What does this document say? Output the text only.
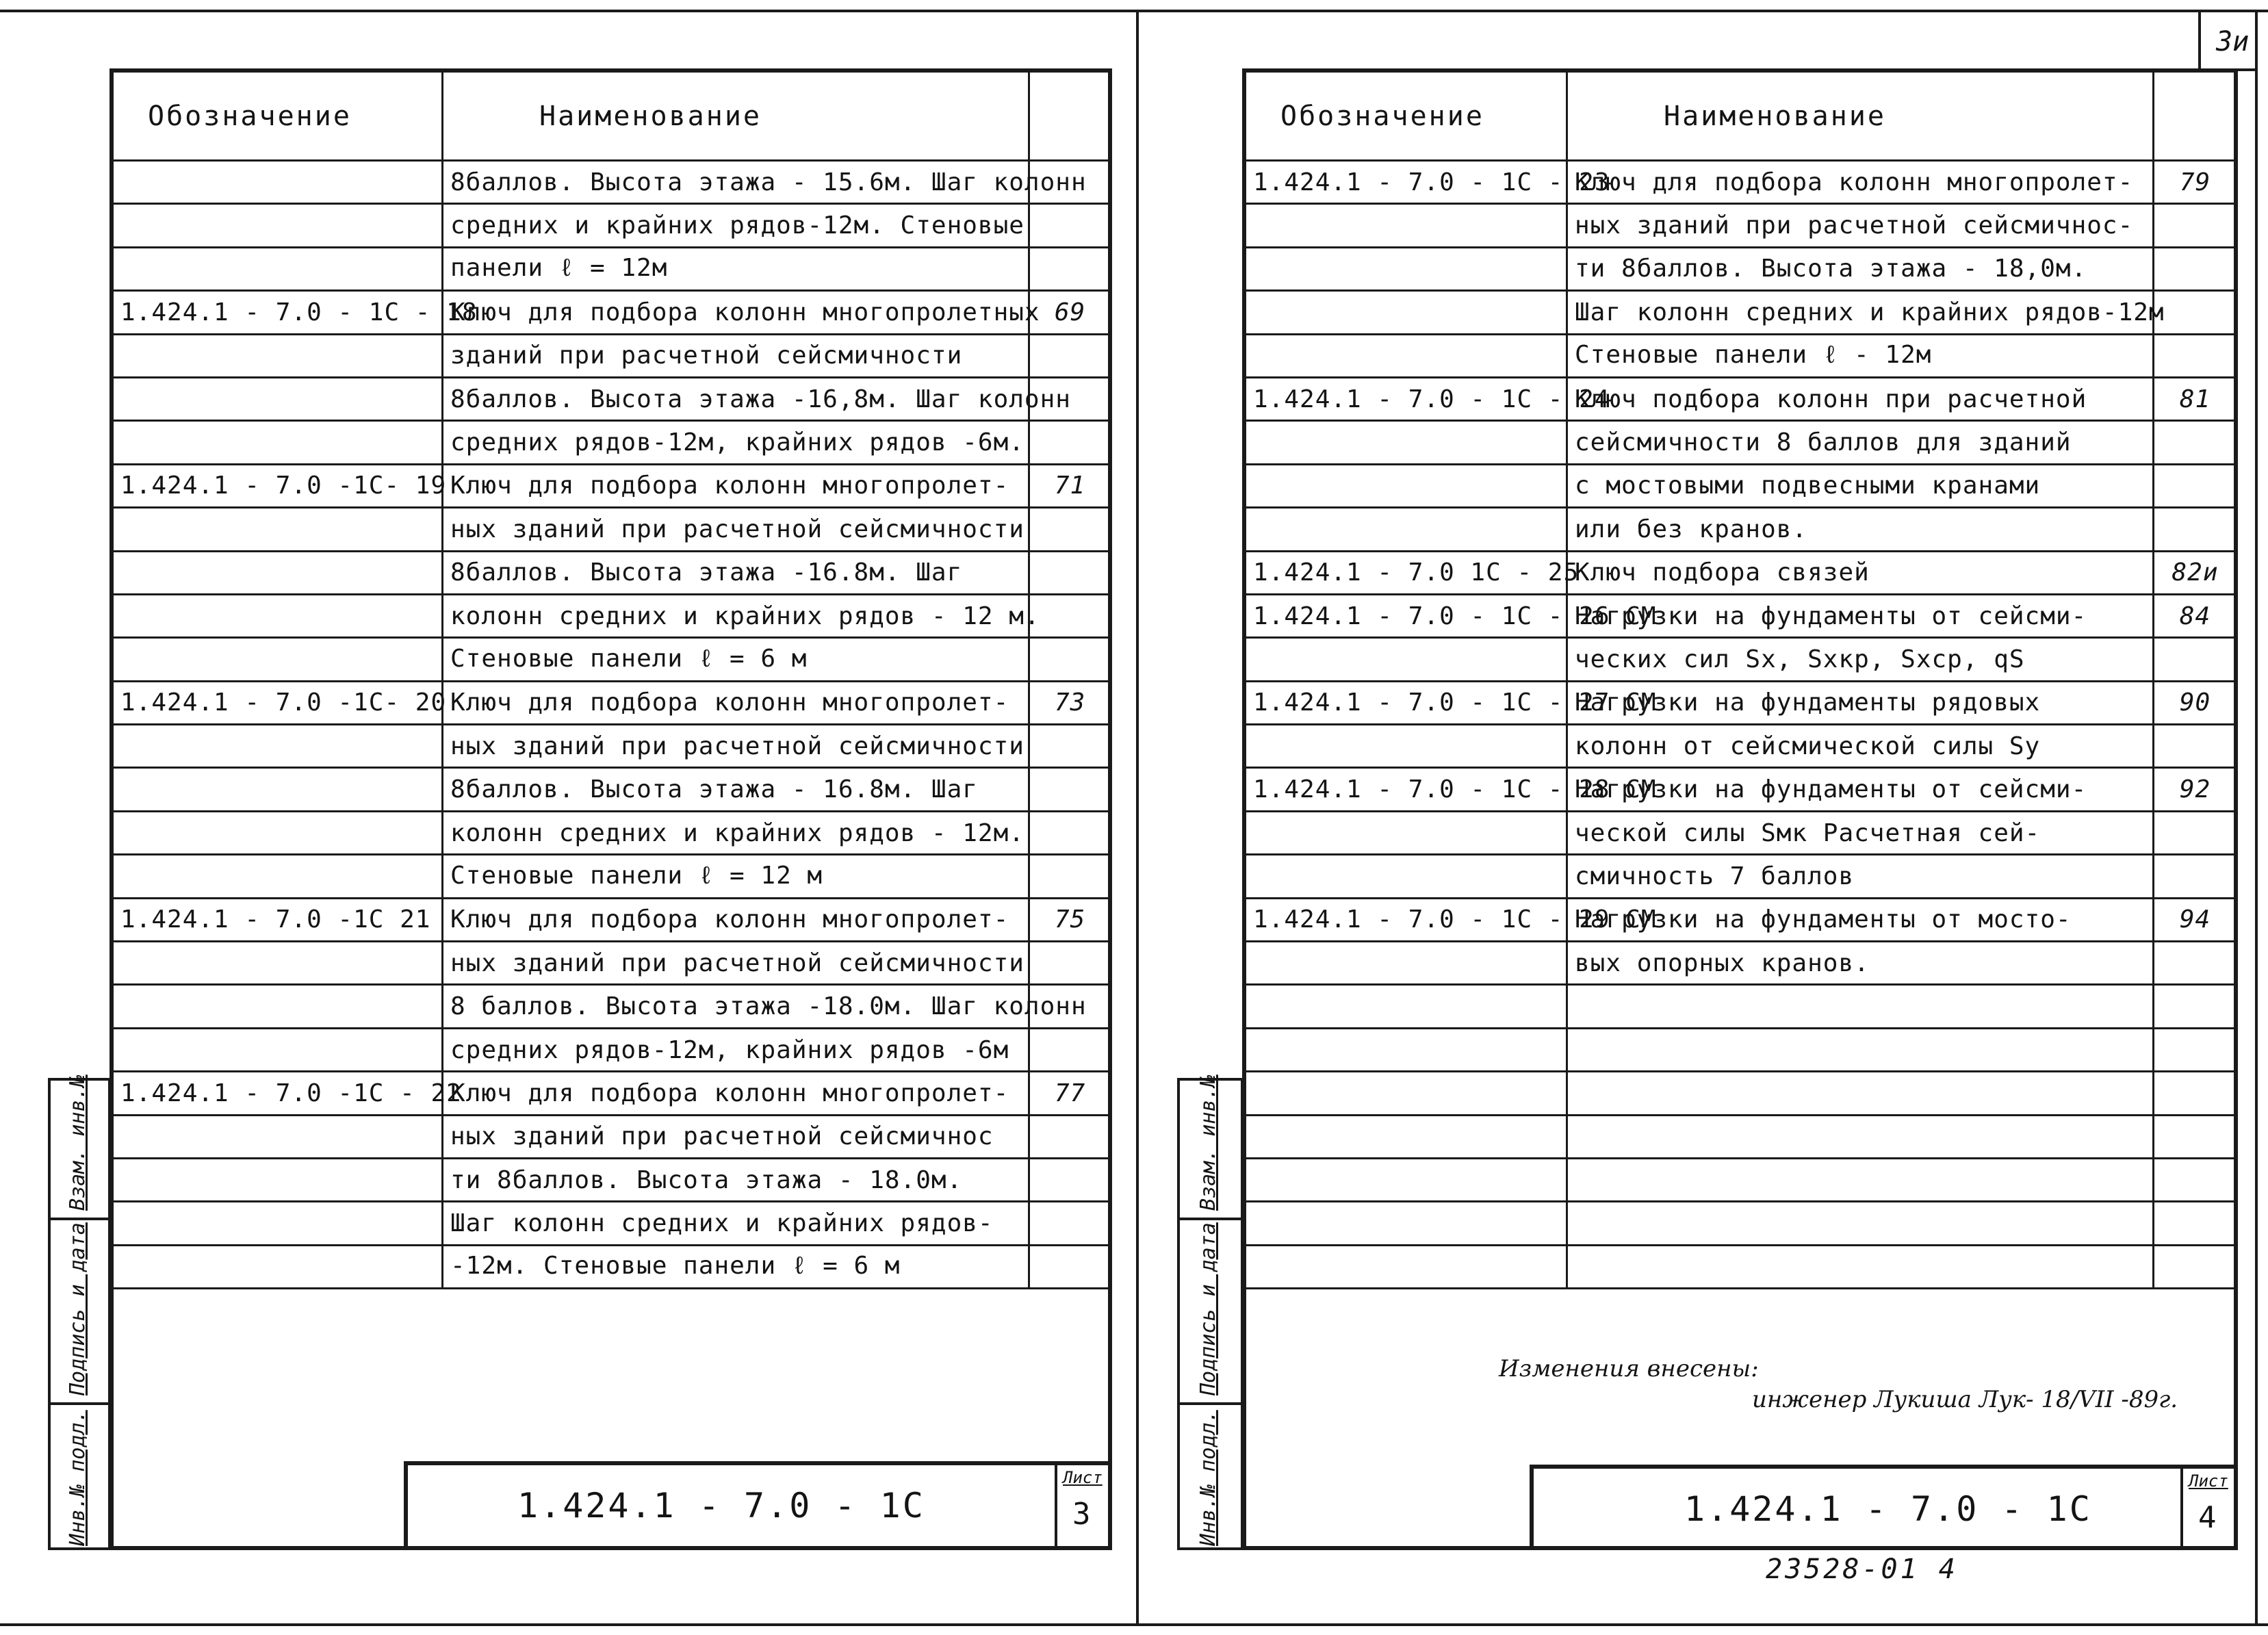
Обозначение	Наименование	
	8баллов. Высота этажа - 15.6м. Шаг колонн	
	средних и крайних рядов-12м. Стеновые	
	панели ℓ = 12м	
1.424.1 - 7.0 - 1С - 18	Ключ для подбора колонн многопролетных	69
	зданий при расчетной сейсмичности	
	8баллов. Высота этажа -16,8м. Шаг колонн	
	средних рядов-12м, крайних рядов -6м.	
1.424.1 - 7.0 -1С- 19	Ключ для подбора колонн многопролет-	71
	ных зданий при расчетной сейсмичности	
	8баллов. Высота этажа -16.8м. Шаг	
	колонн средних и крайних рядов - 12 м.	
	Стеновые панели ℓ = 6 м	
1.424.1 - 7.0 -1С- 20	Ключ для подбора колонн многопролет-	73
	ных зданий при расчетной сейсмичности	
	8баллов. Высота этажа - 16.8м. Шаг	
	колонн средних и крайних рядов - 12м.	
	Стеновые панели ℓ = 12 м	
1.424.1 - 7.0 -1С 21	Ключ для подбора колонн многопролет-	75
	ных зданий при расчетной сейсмичности	
	8 баллов. Высота этажа -18.0м. Шаг колонн	
	средних рядов-12м, крайних рядов -6м	
1.424.1 - 7.0 -1С - 22	Ключ для подбора колонн многопролет-	77
	ных зданий при расчетной сейсмичнос	
	ти 8баллов. Высота этажа - 18.0м.	
	Шаг колонн средних и крайних рядов-	
	-12м. Стеновые панели ℓ = 6 м	
1.424.1 - 7.0 - 1С
Лист
3
Взам. инв.№
Подпись и дата
Инв.№ подл.
3и
Обозначение	Наименование	
1.424.1 - 7.0 - 1С - 23	Ключ для подбора колонн многопролет-	79
	ных зданий при расчетной сейсмичнос-	
	ти 8баллов. Высота этажа - 18,0м.	
	Шаг колонн средних и крайних рядов-12м	
	Стеновые панели ℓ - 12м	
1.424.1 - 7.0 - 1С - 24	Ключ подбора колонн при расчетной	81
	сейсмичности 8 баллов для зданий	
	с мостовыми подвесными кранами	
	или без кранов.	
1.424.1 - 7.0 1С - 25	Ключ подбора связей	82и
1.424.1 - 7.0 - 1С - 26 СМ	Нагрузки на фундаменты от сейсми-	84
	ческих сил Sx, Sxкр, Sxср, qS	
1.424.1 - 7.0 - 1С - 27 СМ	Нагрузки на фундаменты рядовых	90
	колонн от сейсмической силы Sy	
1.424.1 - 7.0 - 1С - 28 СМ	Нагрузки на фундаменты от сейсми-	92
	ческой силы Sмк Расчетная сей-	
	смичность 7 баллов	
1.424.1 - 7.0 - 1С - 29 СМ	Нагрузки на фундаменты от мосто-	94
	вых опорных кранов.	

Изменения внесены:
инженер Лукиша Лук- 18/VII -89г.
1.424.1 - 7.0 - 1С
Лист
4
23528-01 4
Взам. инв.№
Подпись и дата
Инв.№ подл.
